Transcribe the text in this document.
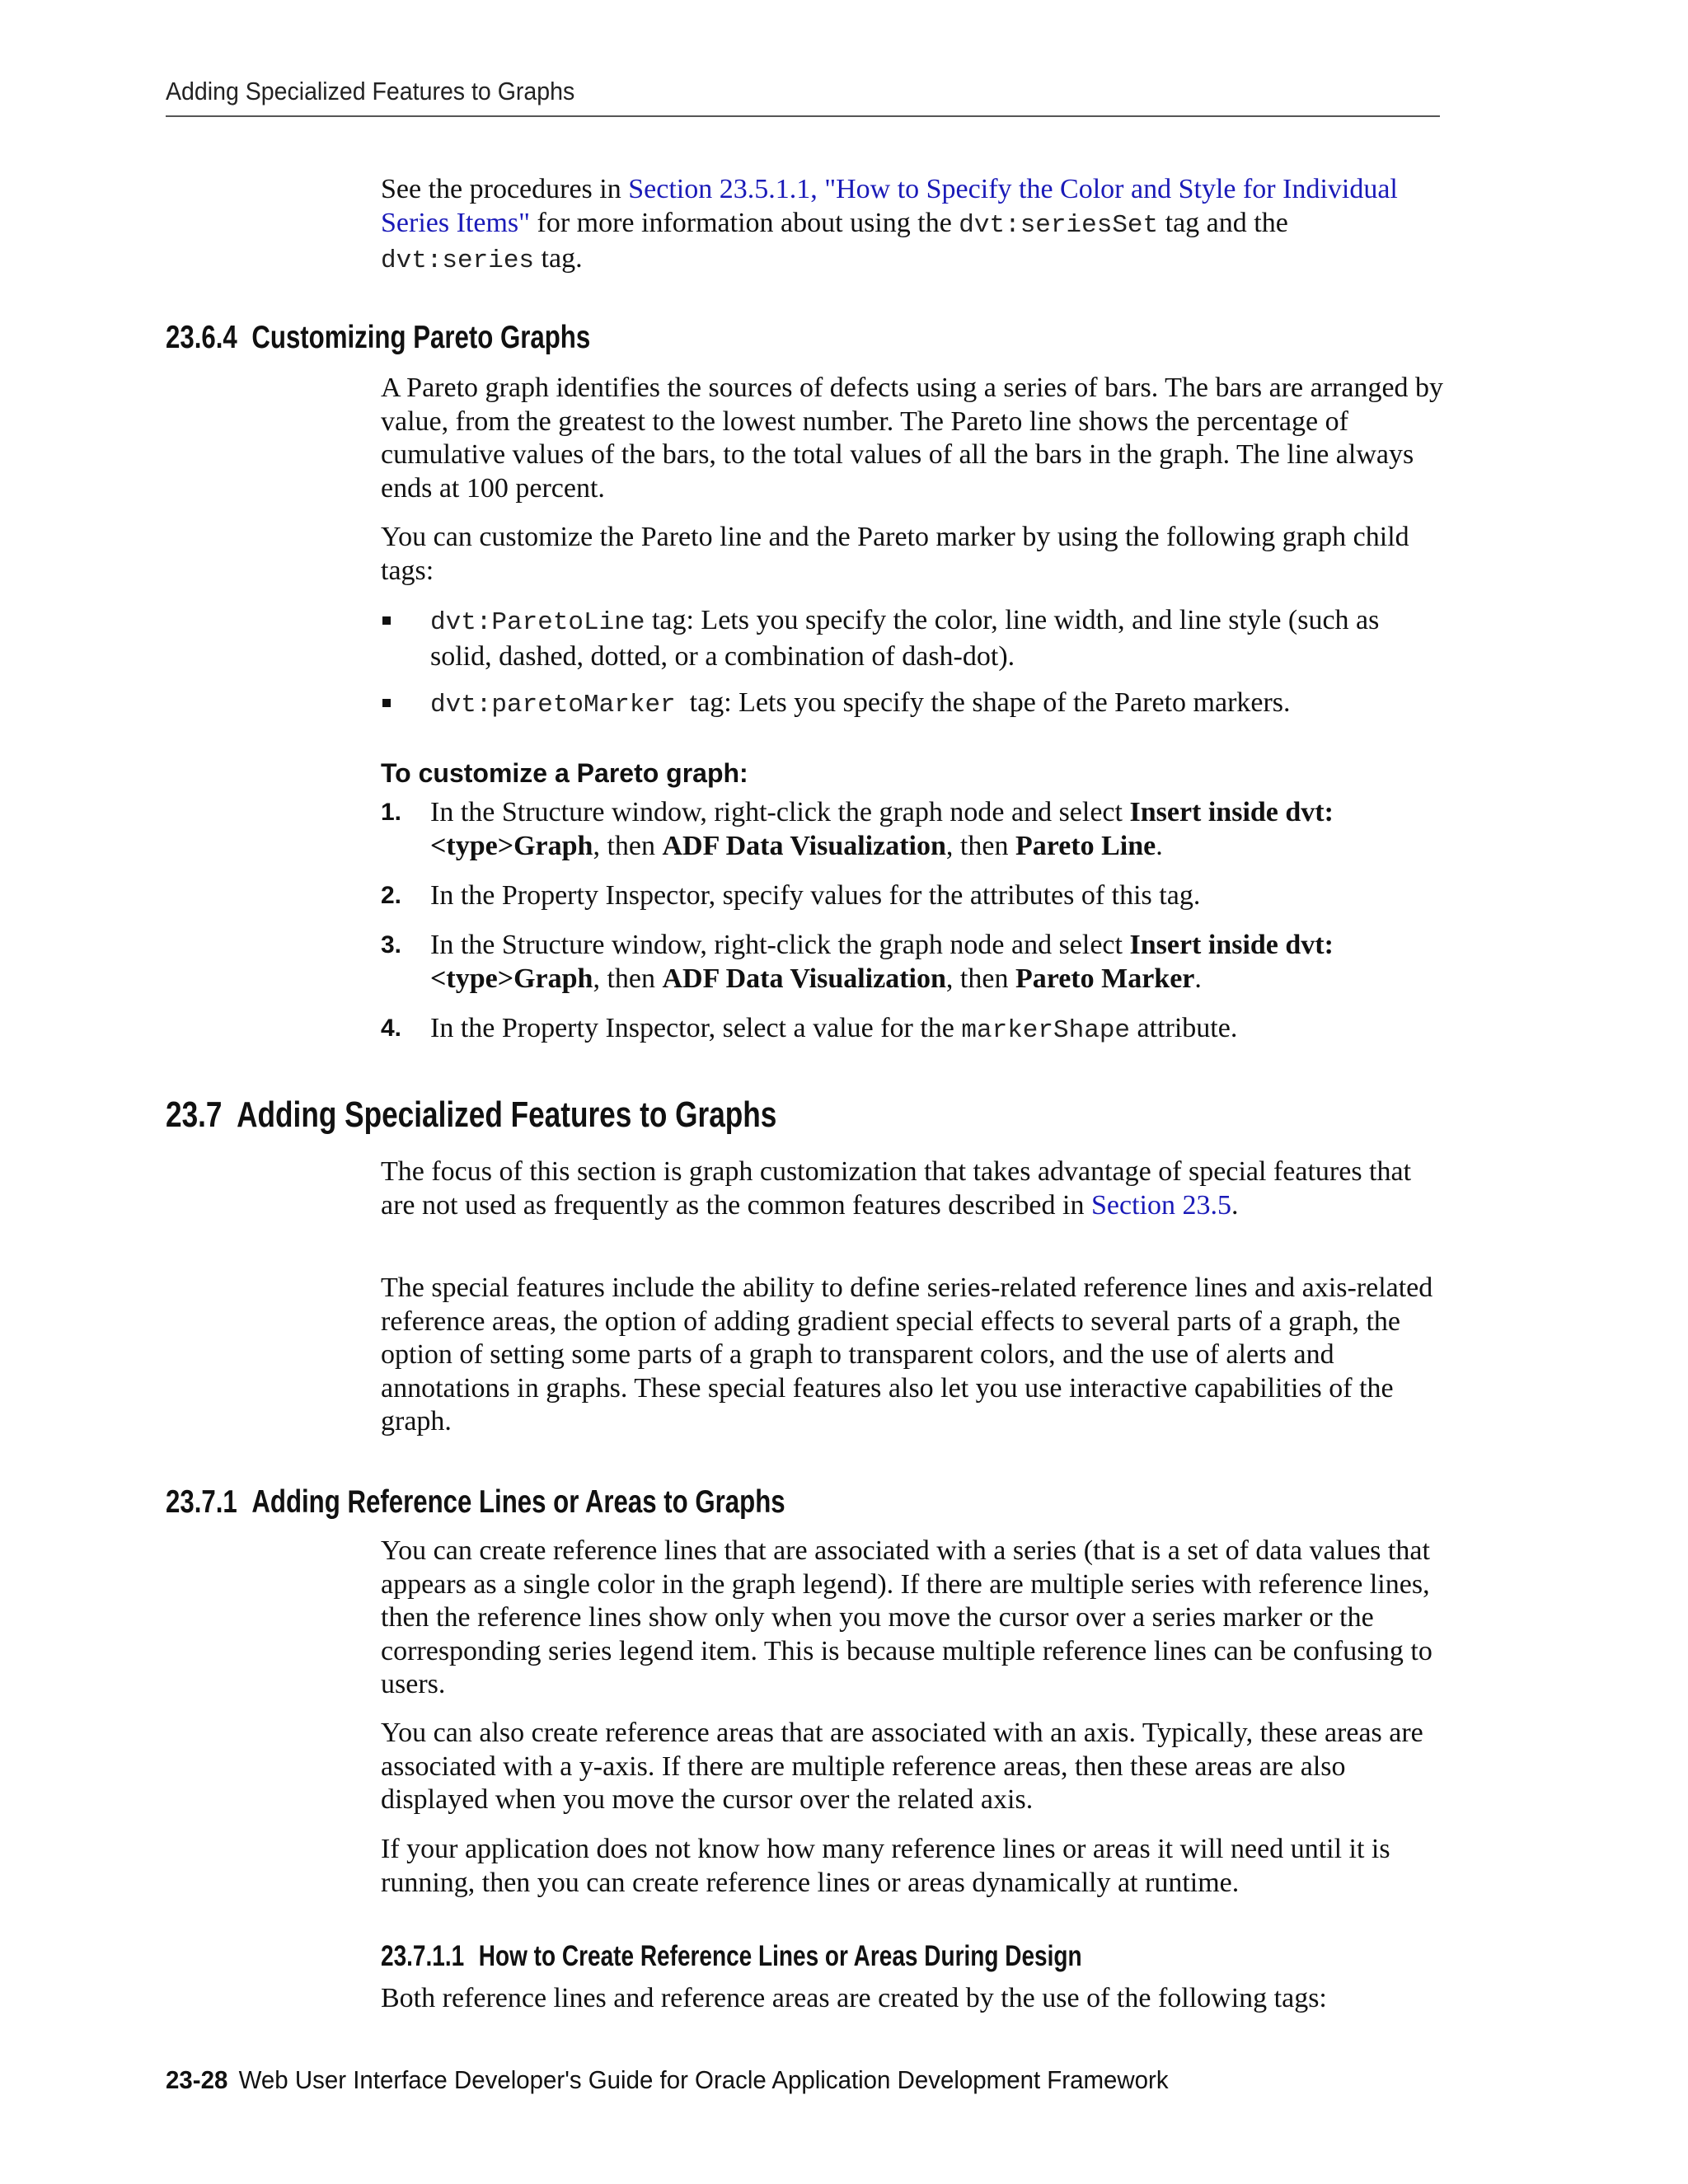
Adding Specialized Features to Graphs
See the procedures in Section 23.5.1.1, "How to Specify the Color and Style for Individual Series Items" for more information about using the dvt:seriesSet tag and the dvt:series tag.
23.6.4 Customizing Pareto Graphs
A Pareto graph identifies the sources of defects using a series of bars. The bars are arranged by value, from the greatest to the lowest number. The Pareto line shows the percentage of cumulative values of the bars, to the total values of all the bars in the graph. The line always ends at 100 percent.
You can customize the Pareto line and the Pareto marker by using the following graph child tags:
dvt:ParetoLine tag: Lets you specify the color, line width, and line style (such as solid, dashed, dotted, or a combination of dash-dot).
dvt:paretoMarker  tag: Lets you specify the shape of the Pareto markers.
To customize a Pareto graph:
1. In the Structure window, right-click the graph node and select Insert inside dvt:<type>Graph, then ADF Data Visualization, then Pareto Line.
2. In the Property Inspector, specify values for the attributes of this tag.
3. In the Structure window, right-click the graph node and select Insert inside dvt:<type>Graph, then ADF Data Visualization, then Pareto Marker.
4. In the Property Inspector, select a value for the markerShape attribute.
23.7 Adding Specialized Features to Graphs
The focus of this section is graph customization that takes advantage of special features that are not used as frequently as the common features described in Section 23.5.
The special features include the ability to define series-related reference lines and axis-related reference areas, the option of adding gradient special effects to several parts of a graph, the option of setting some parts of a graph to transparent colors, and the use of alerts and annotations in graphs. These special features also let you use interactive capabilities of the graph.
23.7.1 Adding Reference Lines or Areas to Graphs
You can create reference lines that are associated with a series (that is a set of data values that appears as a single color in the graph legend). If there are multiple series with reference lines, then the reference lines show only when you move the cursor over a series marker or the corresponding series legend item. This is because multiple reference lines can be confusing to users.
You can also create reference areas that are associated with an axis. Typically, these areas are associated with a y-axis. If there are multiple reference areas, then these areas are also displayed when you move the cursor over the related axis.
If your application does not know how many reference lines or areas it will need until it is running, then you can create reference lines or areas dynamically at runtime.
23.7.1.1 How to Create Reference Lines or Areas During Design
Both reference lines and reference areas are created by the use of the following tags:
23-28 Web User Interface Developer's Guide for Oracle Application Development Framework
